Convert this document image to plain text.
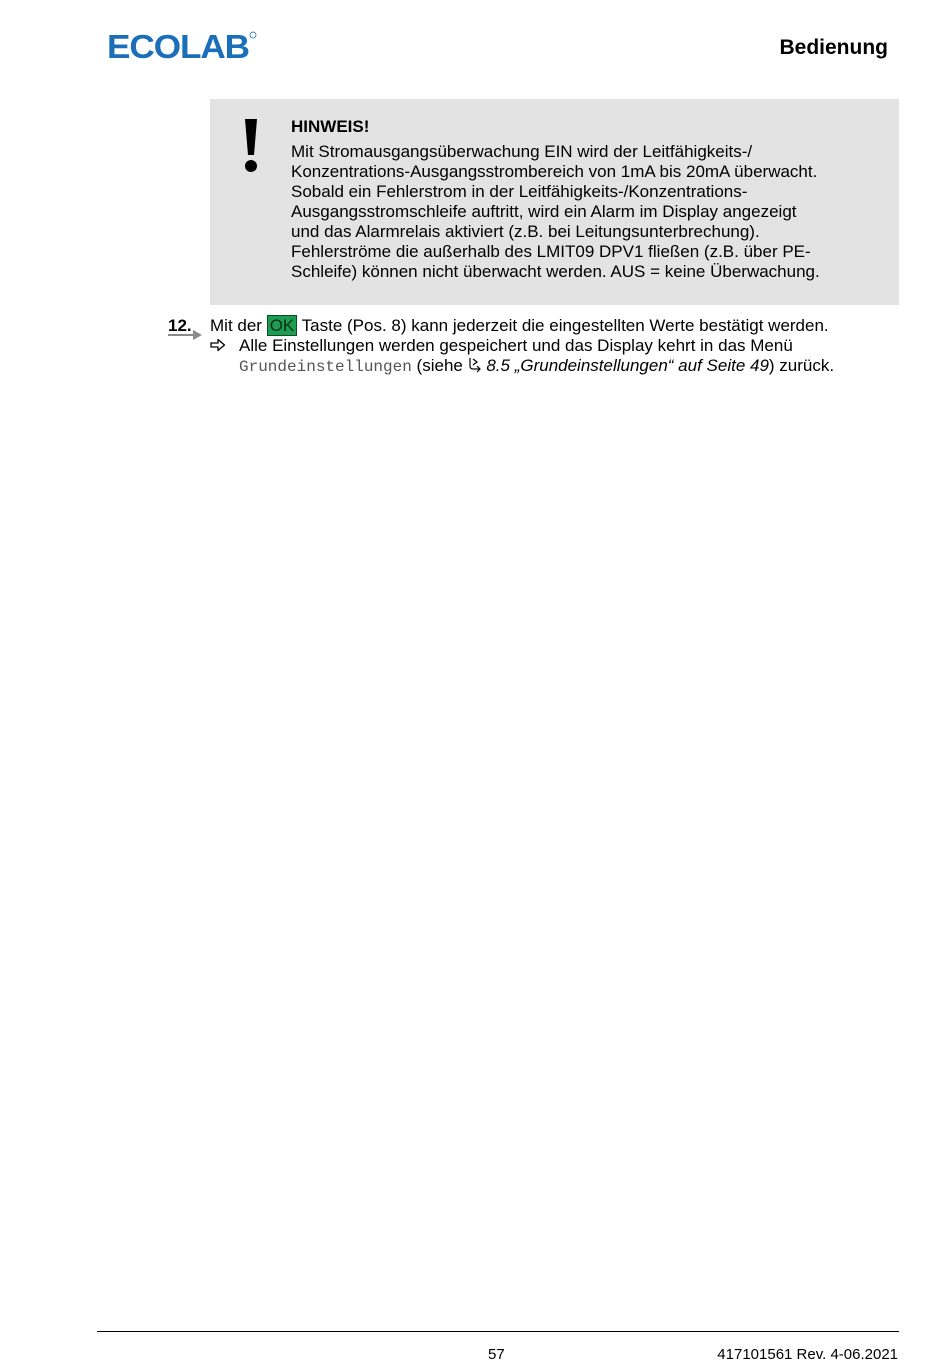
ECOLAB	Bedienung
HINWEIS!
Mit Stromausgangsüberwachung EIN wird der Leitfähigkeits-/
Konzentrations-Ausgangsstrombereich von 1mA bis 20mA überwacht.
Sobald ein Fehlerstrom in der Leitfähigkeits-/Konzentrations-
Ausgangsstromschleife auftritt, wird ein Alarm im Display angezeigt
und das Alarmrelais aktiviert (z.B. bei Leitungsunterbrechung).
Fehlerströme die außerhalb des LMIT09 DPV1 fließen (z.B. über PE-
Schleife) können nicht überwacht werden. AUS = keine Überwachung.
12. Mit der OK Taste (Pos. 8) kann jederzeit die eingestellten Werte bestätigt werden.
Alle Einstellungen werden gespeichert und das Display kehrt in das Menü
Grundeinstellungen (siehe  8.5 „Grundeinstellungen“ auf Seite 49) zurück.
57	417101561 Rev. 4-06.2021
